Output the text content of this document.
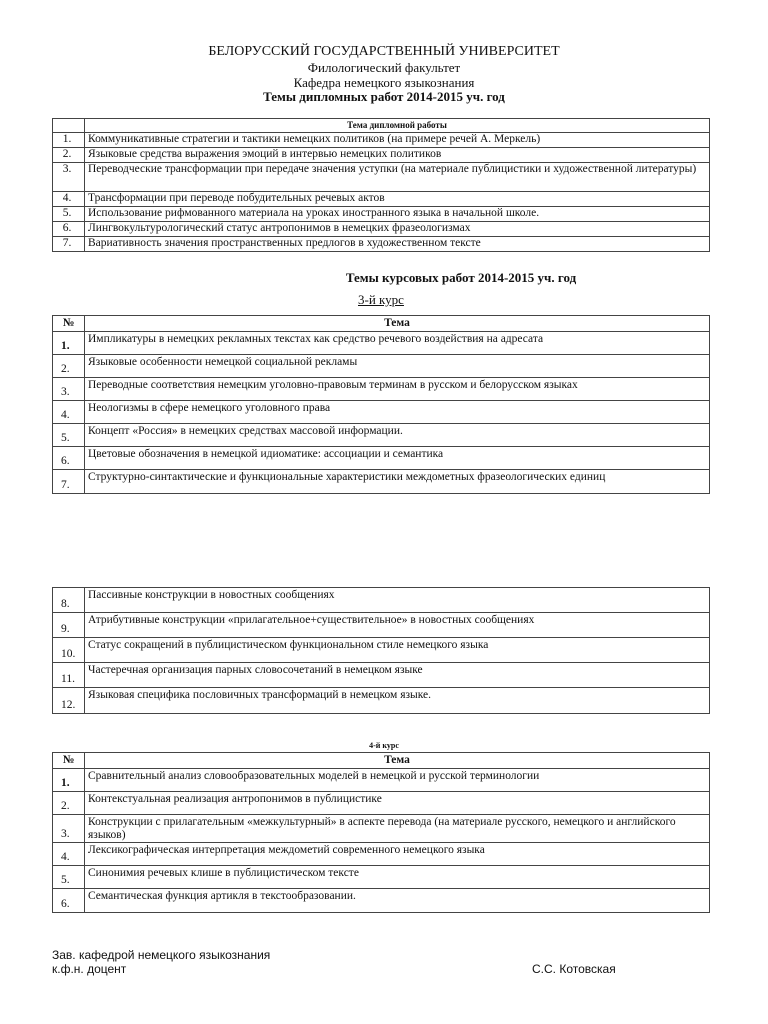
БЕЛОРУССКИЙ ГОСУДАРСТВЕННЫЙ УНИВЕРСИТЕТ
Филологический факультет
Кафедра немецкого языкознания
Темы дипломных работ 2014-2015 уч. год
	Тема дипломной работы
1.	Коммуникативные стратегии и тактики немецких политиков (на примере речей А. Меркель)
2.	Языковые средства выражения эмоций в интервью немецких политиков
3.	Переводческие трансформации при передаче значения уступки (на материале публицистики и художественной литературы)
4.	Трансформации при переводе побудительных речевых актов
5.	Использование рифмованного материала на уроках иностранного языка в начальной школе.
6.	Лингвокультурологический статус антропонимов в немецких фразеологизмах
7.	Вариативность значения пространственных предлогов в художественном тексте
Темы курсовых работ 2014-2015 уч. год
3-й курс
№	Тема
1.	Импликатуры в немецких рекламных текстах как средство речевого воздействия на адресата
2.	Языковые особенности немецкой социальной рекламы
3.	Переводные соответствия немецким уголовно-правовым терминам в русском и белорусском языках
4.	Неологизмы в сфере немецкого уголовного права
5.	Концепт «Россия» в немецких средствах массовой информации.
6.	Цветовые обозначения в немецкой идиоматике: ассоциации и семантика
7.	Структурно-синтактические и функциональные характеристики междометных фразеологических единиц
8.	Пассивные конструкции в новостных сообщениях
9.	Атрибутивные конструкции «прилагательное+существительное» в новостных сообщениях
10.	Статус сокращений в публицистическом функциональном стиле немецкого языка
11.	Частеречная организация парных словосочетаний в немецком языке
12.	Языковая специфика пословичных трансформаций в немецком языке.
4-й курс
№	Тема
1.	Сравнительный анализ словообразовательных моделей в немецкой и русской терминологии
2.	Контекстуальная реализация антропонимов в публицистике
3.	Конструкции с прилагательным «межкультурный» в аспекте перевода (на материале русского, немецкого и английского языков)
4.	Лексикографическая интерпретация междометий современного немецкого языка
5.	Синонимия речевых клише в публицистическом тексте
6.	Семантическая функция артикля в текстообразовании.
Зав. кафедрой немецкого языкознания
к.ф.н. доцент	С.С. Котовская
